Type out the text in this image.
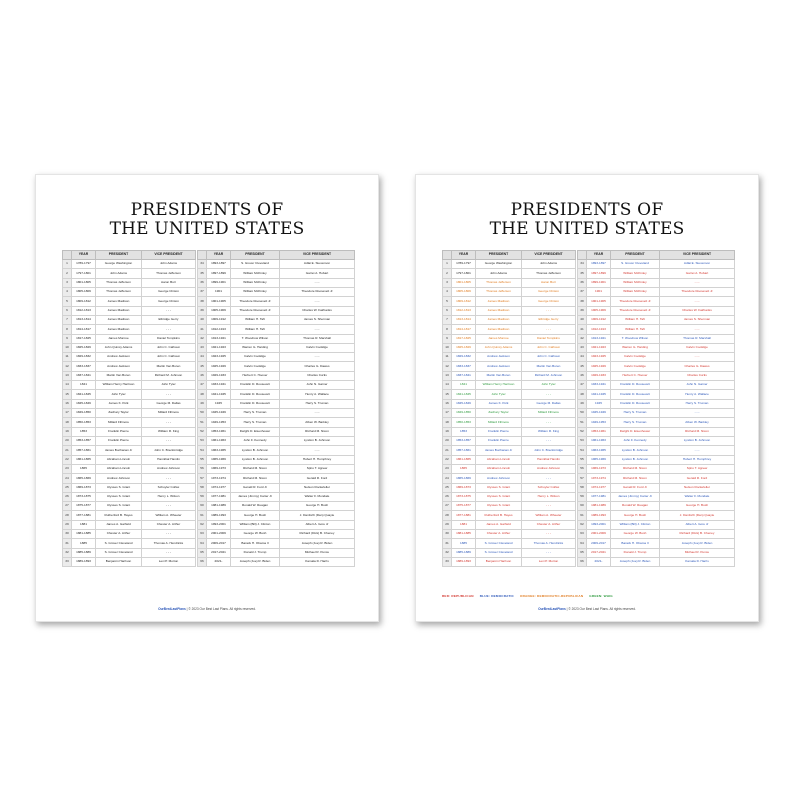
PRESIDENTS OF
THE UNITED STATES
	YEAR	PRESIDENT	VICE PRESIDENT			YEAR	PRESIDENT	VICE PRESIDENT
1	1789-1797	George Washington	John Adams		34	1893-1897	S. Grover Cleveland	Adlai E. Stevenson
2	1797-1801	John Adams	Thomas Jefferson		35	1897-1899	William McKinley	Garret A. Hobart
3	1801-1805	Thomas Jefferson	Aaron Burr		36	1899-1901	William McKinley	- - -
4	1805-1809	Thomas Jefferson	George Clinton		37	1901	William McKinley	Theodore Roosevelt Jr
5	1809-1812	James Madison	George Clinton		38	1901-1905	Theodore Roosevelt Jr	- - -
6	1812-1813	James Madison	- - -		39	1905-1909	Theodore Roosevelt Jr	Charles W. Fairbanks
7	1813-1814	James Madison	Elbridge Gerry		40	1909-1912	William H. Taft	James S. Sherman
8	1814-1817	James Madison	- - -		41	1912-1913	William H. Taft	- - -
9	1817-1825	James Monroe	Daniel Tompkins		42	1913-1921	T. Woodrow Wilson	Thomas R. Marshall
10	1825-1829	John Quincy Adams	John C. Calhoun		43	1921-1923	Warren G. Harding	Calvin Coolidge
11	1829-1832	Andrew Jackson	John C. Calhoun		44	1923-1925	Calvin Coolidge	- - -
12	1833-1837	Andrew Jackson	Martin Van Buren		45	1925-1929	Calvin Coolidge	Charles G. Dawes
13	1837-1841	Martin Van Buren	Richard M. Johnson		46	1929-1933	Herbert C. Hoover	Charles Curtis
14	1841	William Henry Harrison	John Tyler		47	1933-1941	Franklin D. Roosevelt	John N. Garner
15	1841-1845	John Tyler	- - -		48	1941-1945	Franklin D. Roosevelt	Henry A. Wallace
16	1845-1849	James K. Polk	George M. Dallas		49	1945	Franklin D. Roosevelt	Harry S. Truman
17	1849-1850	Zachary Taylor	Millard Fillmore		50	1945-1949	Harry S. Truman	- - -
18	1850-1853	Millard Fillmore	- - -		51	1949-1953	Harry S. Truman	Alben W. Barkley
19	1853	Franklin Pierce	William R. King		52	1953-1961	Dwight D. Eisenhower	Richard M. Nixon
20	1853-1857	Franklin Pierce	- - -		53	1961-1963	John F. Kennedy	Lyndon B. Johnson
21	1857-1861	James Buchanan Jr	John C. Breckinridge		54	1963-1965	Lyndon B. Johnson	- - -
22	1861-1865	Abraham Lincoln	Hannibal Hamlin		55	1965-1969	Lyndon B. Johnson	Hubert H. Humphrey
23	1865	Abraham Lincoln	Andrew Johnson		56	1969-1973	Richard M. Nixon	Spiro T. Agnew
24	1865-1869	Andrew Johnson	- - -		57	1973-1974	Richard M. Nixon	Gerald R. Ford
25	1869-1873	Ulysses S. Grant	Schuyler Colfax		58	1974-1977	Gerald R. Ford Jr	Nelson Rockefeller
26	1873-1875	Ulysses S. Grant	Henry L. Wilson		59	1977-1981	James (Jimmy) Carter Jr	Walter F. Mondale
27	1875-1877	Ulysses S. Grant	- - -		60	1981-1989	Ronald W. Reagan	George H. Bush
28	1877-1881	Rutherford B. Hayes	William A. Wheeler		61	1989-1993	George H. Bush	J. Danforth (Dan) Quayle
29	1881	James A. Garfield	Chester A. Arthur		62	1993-2001	William (Bill) J. Clinton	Albert A. Gore Jr
30	1881-1885	Chester A. Arthur	- - -		63	2001-2009	George W. Bush	Richard (Dick) B. Cheney
31	1885	S. Grover Cleveland	Thomas A. Hendricks		64	2009-2017	Barack H. Obama II	Joseph (Joe) R. Biden
32	1885-1889	S. Grover Cleveland	- - -		65	2017-2021	Donald J. Trump	Michael R. Pence
33	1889-1893	Benjamin Harrison	Levi P. Morton		66	2021-	Joseph (Joe) R. Biden	Kamala D. Harris
OurBestLastPlans | © 2023 Our Best Last Plans. All rights reserved.
PRESIDENTS OF
THE UNITED STATES
	YEAR	PRESIDENT	VICE PRESIDENT			YEAR	PRESIDENT	VICE PRESIDENT
1	1789-1797	George Washington	John Adams		34	1893-1897	S. Grover Cleveland	Adlai E. Stevenson
2	1797-1801	John Adams	Thomas Jefferson		35	1897-1899	William McKinley	Garret A. Hobart
3	1801-1805	Thomas Jefferson	Aaron Burr		36	1899-1901	William McKinley	- - -
4	1805-1809	Thomas Jefferson	George Clinton		37	1901	William McKinley	Theodore Roosevelt Jr
5	1809-1812	James Madison	George Clinton		38	1901-1905	Theodore Roosevelt Jr	- - -
6	1812-1813	James Madison	- - -		39	1905-1909	Theodore Roosevelt Jr	Charles W. Fairbanks
7	1813-1814	James Madison	Elbridge Gerry		40	1909-1912	William H. Taft	James S. Sherman
8	1814-1817	James Madison	- - -		41	1912-1913	William H. Taft	- - -
9	1817-1825	James Monroe	Daniel Tompkins		42	1913-1921	T. Woodrow Wilson	Thomas R. Marshall
10	1825-1829	John Quincy Adams	John C. Calhoun		43	1921-1923	Warren G. Harding	Calvin Coolidge
11	1829-1832	Andrew Jackson	John C. Calhoun		44	1923-1925	Calvin Coolidge	- - -
12	1833-1837	Andrew Jackson	Martin Van Buren		45	1925-1929	Calvin Coolidge	Charles G. Dawes
13	1837-1841	Martin Van Buren	Richard M. Johnson		46	1929-1933	Herbert C. Hoover	Charles Curtis
14	1841	William Henry Harrison	John Tyler		47	1933-1941	Franklin D. Roosevelt	John N. Garner
15	1841-1845	John Tyler	- - -		48	1941-1945	Franklin D. Roosevelt	Henry A. Wallace
16	1845-1849	James K. Polk	George M. Dallas		49	1945	Franklin D. Roosevelt	Harry S. Truman
17	1849-1850	Zachary Taylor	Millard Fillmore		50	1945-1949	Harry S. Truman	- - -
18	1850-1853	Millard Fillmore	- - -		51	1949-1953	Harry S. Truman	Alben W. Barkley
19	1853	Franklin Pierce	William R. King		52	1953-1961	Dwight D. Eisenhower	Richard M. Nixon
20	1853-1857	Franklin Pierce	- - -		53	1961-1963	John F. Kennedy	Lyndon B. Johnson
21	1857-1861	James Buchanan Jr	John C. Breckinridge		54	1963-1965	Lyndon B. Johnson	- - -
22	1861-1865	Abraham Lincoln	Hannibal Hamlin		55	1965-1969	Lyndon B. Johnson	Hubert H. Humphrey
23	1865	Abraham Lincoln	Andrew Johnson		56	1969-1973	Richard M. Nixon	Spiro T. Agnew
24	1865-1869	Andrew Johnson	- - -		57	1973-1974	Richard M. Nixon	Gerald R. Ford
25	1869-1873	Ulysses S. Grant	Schuyler Colfax		58	1974-1977	Gerald R. Ford Jr	Nelson Rockefeller
26	1873-1875	Ulysses S. Grant	Henry L. Wilson		59	1977-1981	James (Jimmy) Carter Jr	Walter F. Mondale
27	1875-1877	Ulysses S. Grant	- - -		60	1981-1989	Ronald W. Reagan	George H. Bush
28	1877-1881	Rutherford B. Hayes	William A. Wheeler		61	1989-1993	George H. Bush	J. Danforth (Dan) Quayle
29	1881	James A. Garfield	Chester A. Arthur		62	1993-2001	William (Bill) J. Clinton	Albert A. Gore Jr
30	1881-1885	Chester A. Arthur	- - -		63	2001-2009	George W. Bush	Richard (Dick) B. Cheney
31	1885	S. Grover Cleveland	Thomas A. Hendricks		64	2009-2017	Barack H. Obama II	Joseph (Joe) R. Biden
32	1885-1889	S. Grover Cleveland	- - -		65	2017-2021	Donald J. Trump	Michael R. Pence
33	1889-1893	Benjamin Harrison	Levi P. Morton		66	2021-	Joseph (Joe) R. Biden	Kamala D. Harris
RED: REPUBLICAN BLUE: DEMOCRATIC ORANGE: DEMOCRATIC-REPUBLICAN GREEN: WHIG
OurBestLastPlans | © 2023 Our Best Last Plans. All rights reserved.
